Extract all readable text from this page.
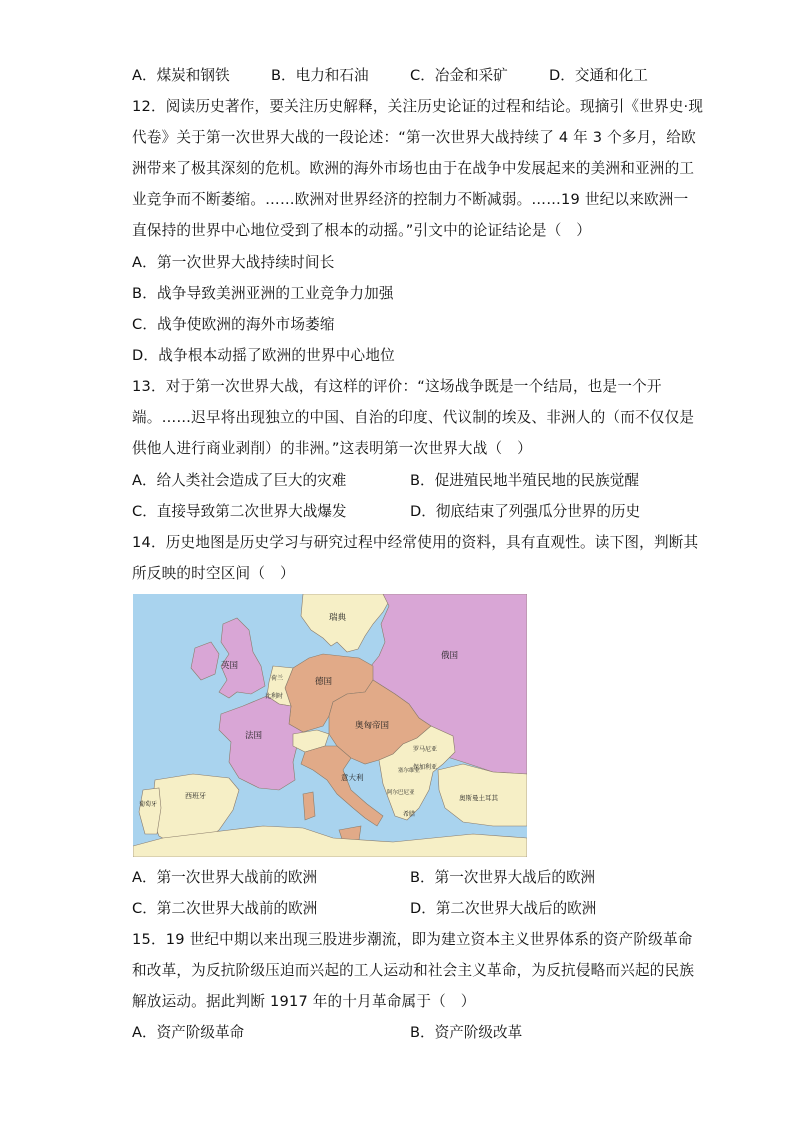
A．煤炭和钢铁	B．电力和石油	C．冶金和采矿	D．交通和化工
12．阅读历史著作，要关注历史解释，关注历史论证的过程和结论。现摘引《世界史·现
代卷》关于第一次世界大战的一段论述：“第一次世界大战持续了 4 年 3 个多月，给欧
洲带来了极其深刻的危机。欧洲的海外市场也由于在战争中发展起来的美洲和亚洲的工
业竞争而不断萎缩。……欧洲对世界经济的控制力不断减弱。……19 世纪以来欧洲一
直保持的世界中心地位受到了根本的动摇。”引文中的论证结论是（　）
A．第一次世界大战持续时间长
B．战争导致美洲亚洲的工业竞争力加强
C．战争使欧洲的海外市场萎缩
D．战争根本动摇了欧洲的世界中心地位
13．对于第一次世界大战，有这样的评价：“这场战争既是一个结局，也是一个开
端。……迟早将出现独立的中国、自治的印度、代议制的埃及、非洲人的（而不仅仅是
供他人进行商业剥削）的非洲。”这表明第一次世界大战（　）
A．给人类社会造成了巨大的灾难	B．促进殖民地半殖民地的民族觉醒
C．直接导致第二次世界大战爆发	D．彻底结束了列强瓜分世界的历史
14．历史地图是历史学习与研究过程中经常使用的资料，具有直观性。读下图，判断其
所反映的时空区间（　）
瑞典
英国
俄国
荷兰	德国
比利时
奥匈帝国
法国
罗马尼亚
保加利亚
塞尔维亚
葡萄牙
西班牙
意大利
阿尔巴尼亚
希腊
奥斯曼土耳其
A．第一次世界大战前的欧洲	B．第一次世界大战后的欧洲
C．第二次世界大战前的欧洲	D．第二次世界大战后的欧洲
15．19 世纪中期以来出现三股进步潮流，即为建立资本主义世界体系的资产阶级革命
和改革，为反抗阶级压迫而兴起的工人运动和社会主义革命，为反抗侵略而兴起的民族
解放运动。据此判断 1917 年的十月革命属于（　）
A．资产阶级革命	B．资产阶级改革
